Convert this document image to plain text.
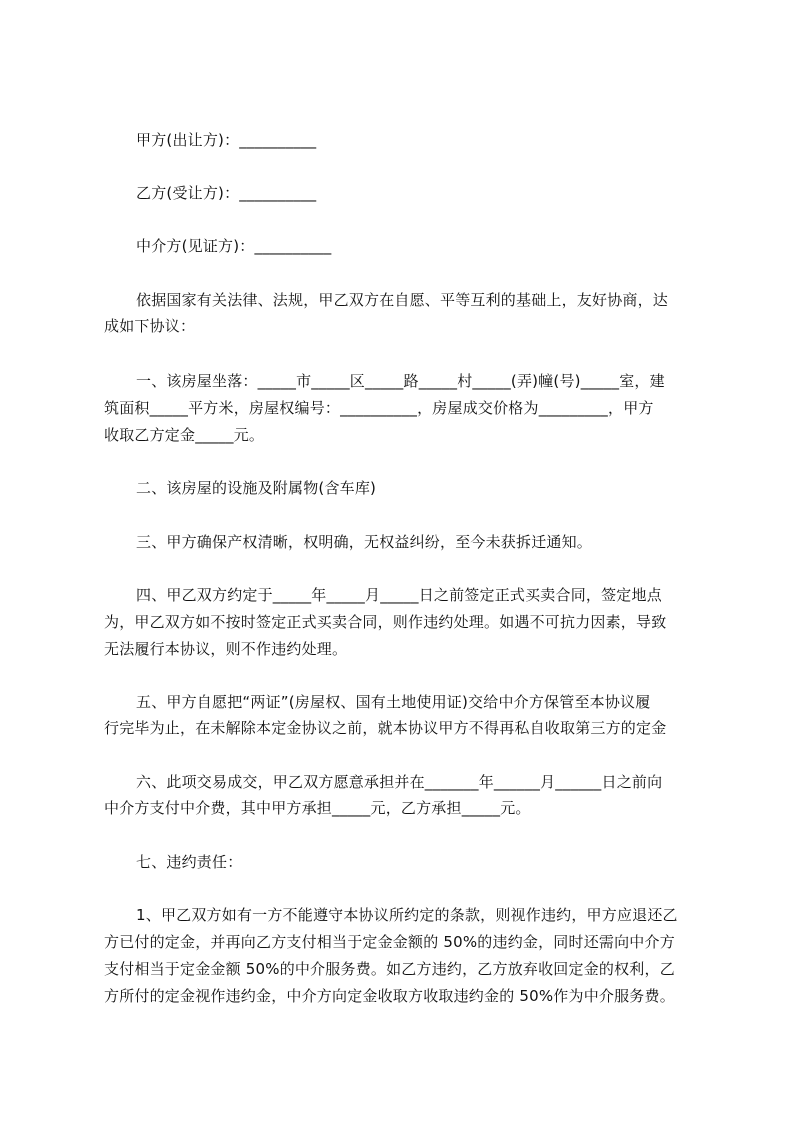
甲方(出让方)：__________
乙方(受让方)：__________
中介方(见证方)：__________
依据国家有关法律、法规，甲乙双方在自愿、平等互利的基础上，友好协商，达
成如下协议：
一、该房屋坐落：_____市_____区_____路_____村_____(弄)幢(号)_____室，建
筑面积_____平方米，房屋权编号：__________，房屋成交价格为_________，甲方
收取乙方定金_____元。
二、该房屋的设施及附属物(含车库)
三、甲方确保产权清晰，权明确，无权益纠纷，至今未获拆迁通知。
四、甲乙双方约定于_____年_____月_____日之前签定正式买卖合同，签定地点
为，甲乙双方如不按时签定正式买卖合同，则作违约处理。如遇不可抗力因素，导致
无法履行本协议，则不作违约处理。
五、甲方自愿把“两证”(房屋权、国有土地使用证)交给中介方保管至本协议履
行完毕为止，在未解除本定金协议之前，就本协议甲方不得再私自收取第三方的定金
六、此项交易成交，甲乙双方愿意承担并在_______年______月______日之前向
中介方支付中介费，其中甲方承担_____元，乙方承担_____元。
七、违约责任：
1、甲乙双方如有一方不能遵守本协议所约定的条款，则视作违约，甲方应退还乙
方已付的定金，并再向乙方支付相当于定金金额的 50%的违约金，同时还需向中介方
支付相当于定金金额 50%的中介服务费。如乙方违约，乙方放弃收回定金的权利，乙
方所付的定金视作违约金，中介方向定金收取方收取违约金的 50%作为中介服务费。
